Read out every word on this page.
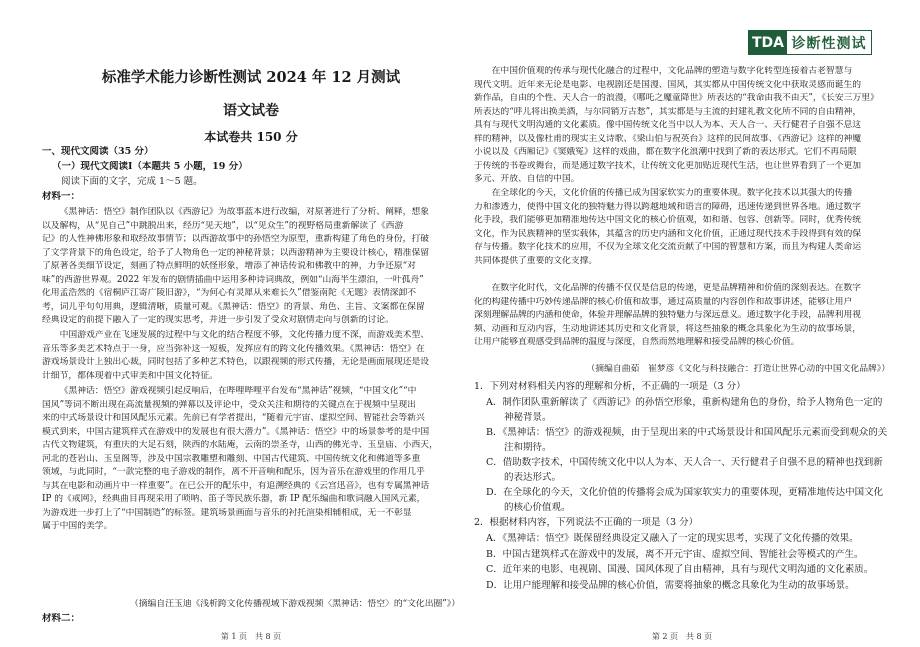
TDA 诊断性测试
标准学术能力诊断性测试 2024 年 12 月测试
语文试卷
本试卷共 150 分
一、现代文阅读（35 分）
（一）现代文阅读Ⅰ（本题共 5 小题，19 分）
阅读下面的文字，完成 1～5 题。
材料一：
《黑神话：悟空》制作团队以《西游记》为故事蓝本进行改编，对原著进行了分析、阐释，想象
以及解构，从“见自己”中跳脱出来，经历“见天地”，以“见众生”的视野格局重新解读了《西游
记》的人性神佛形象和取经故事情节；以西游故事中的孙悟空为原型，重新构建了角色的身份，打破
了文学背景下的角色设定，给予了人物角色一定的神秘背景；以西游精神为主要设计核心，精准保留
了原著各美细节设定，刻画了特点鲜明的妖怪形象，增添了神话传说和佛教中的神，力争还原“对
味”的西游世界观。2022 年发布的剧情插曲中运用多种诗词典故，例如“山海半生漂泊，一叶孤舟”
化用孟浩然的《宿桐庐江寄广陵旧游》，“为何心有灵犀从来难长久”借鉴南陀《无题》表情深卸不
考，词儿乎句句用典，逻辑清晰，质量可观。《黑神话：悟空》的背景、角色、主旨、文案都在保留
经典设定的前提下融入了一定的现实思考，并进一步引发了受众对剧情走向与创新的讨论。
中国游戏产业在飞速发展的过程中与文化的结合程度不够，文化传播力度不深，而游戏美术型、
音乐等多美艺术特点于一身，应当弥补这一短板，发挥应有的跨文化传播效果。《黑神话：悟空》在
游戏场景设计上独出心裁，同时包括了多种艺术特色，以跟视频的形式传播，无论是画面展现还是设
计细节，都体现着中式审美和中国文化特征。
《黑神话：悟空》游戏视频引起反响后，在哔哩哔哩平台发布“黑神话”视频，“中国文化”“中
国风”等词不断出现在高流量视频的弹幕以及评论中，受众关注和期待的关键点在于视频中呈现出
来的中式场景设计和国风配乐元素。先前已有学者提出，“随着元宇宙、虚拟空间、智能社会等新兴
模式到来，中国古建筑样式在游戏中的发展也有很大潜力”。《黑神话：悟空》中的场景参考的是中国
古代文物建筑，有重庆的大足石刻，陕西的水陆庵，云南的崇圣寺，山西的佛光寺、玉皇庙、小西天，
河北的苍岩山、玉皇阁等，涉及中国宗教雕塑和雕刻、中国古代建筑、中国传统文化和佛道等多重
领域，与此同时，“一款完整的电子游戏的制作，离不开音响和配乐，因为音乐在游戏里的作用几乎
与其在电影和动画片中一样重要”。在已公开的配乐中，有追溯经典的《云宫迅音》，也有专属黑神话
IP 的《戒网》，经典曲目再现采用了唢呐、笛子等民族乐器，新 IP 配乐编曲和歌词融入国风元素，
为游戏进一步打上了“中国制造”的标签。建筑场景画面与音乐的衬托渲染相辅相成，无一不彰显
属于中国的美学。
（摘编自汪玉迪《浅析跨文化传播视域下游戏视频〈黑神话：悟空〉的“文化出圈”》）
材料二：
第 1 页　共 8 页
在中国价值观的传承与现代化融合的过程中，文化品牌的塑造与数字化转型连接着古老智慧与
现代文明。近年来无论是电影、电视剧还是国漫、国风，其实都从中国传统文化中获取灵感而诞生的
新作品，自由的个性、天人合一的浪漫，《哪吒之魔童降世》所表达的“我命由我不由天”，《长安三万里》
所表达的“呼儿将出换美酒，与尔同销万古愁”，其实都是与主流的封建礼教文化所不同的自由精神，
具有与现代文明沟通的文化素质。像中国传统文化当中以人为本、天人合一、天行健君子自强不息这
样的精神，以及像杜甫的现实主义诗歌、《梁山伯与祝英台》这样的民间故事、《西游记》这样的神魔
小说以及《西厢记》《窦娥冤》这样的戏曲，都在数字化浪潮中找到了新的表达形式。它们不再局限
于传统的书卷或舞台，而是通过数字技术，让传统文化更加贴近现代生活，也让世界看到了一个更加
多元、开放、自信的中国。
在全球化的今天，文化价值的传播已成为国家软实力的重要体现。数字化技术以其强大的传播
力和渗透力，使得中国文化的独特魅力得以跨越地域和语言的障碍，迅速传递到世界各地。通过数字
化手段，我们能够更加精准地传达中国文化的核心价值观，如和谐、包容、创新等。同时，优秀传统
文化，作为民族精神的坚实载体，其蕴含的历史内涵和文化价值，正通过现代技术手段得到有效的保
存与传播。数字化技术的应用，不仅为全球文化交流贡献了中国的智慧和方案，而且为构建人类命运
共同体提供了重要的文化支撑。
在数字化时代，文化品牌的传播不仅仅是信息的传递，更是品牌精神和价值的深刻表达。在数字
化的构建传播中巧妙传递品牌的核心价值和故事，通过高质量的内容创作和故事讲述，能够让用户
深刻理解品牌的内涵和使命，体验并理解品牌的独特魅力与深远意义。通过数字化手段，品牌利用视
频、动画和互动内容，生动地讲述其历史和文化背景，将这些抽象的概念具象化为生动的故事场景，
让用户能够直观感受到品牌的温度与深度，自然而然地理解和接受品牌的核心价值。
（摘编自曲茹　崔梦彦《文化与科技融合：打造让世界心动的中国文化品牌》）
1．下列对材料相关内容的理解和分析，不正确的一项是（3 分）
A．制作团队重新解读了《西游记》的孙悟空形象，重新构建角色的身份，给予人物角色一定的
神秘背景。
B．《黑神话：悟空》的游戏视频，由于呈现出来的中式场景设计和国风配乐元素而受到观众的关
注和期待。
C．借助数字技术，中国传统文化中以人为本、天人合一、天行健君子自强不息的精神也找到新
的表达形式。
D．在全球化的今天，文化价值的传播将会成为国家软实力的重要体现，更精准地传达中国文化
的核心价值观。
2．根据材料内容，下列说法不正确的一项是（3 分）
A．《黑神话：悟空》既保留经典设定又融入了一定的现实思考，实现了文化传播的效果。
B．中国古建筑样式在游戏中的发展，离不开元宇宙、虚拟空间、智能社会等模式的产生。
C．近年来的电影、电视剧、国漫、国风体现了自由精神，具有与现代文明沟通的文化素质。
D．让用户能理解和接受品牌的核心价值，需要将抽象的概念具象化为生动的故事场景。
第 2 页　共 8 页
